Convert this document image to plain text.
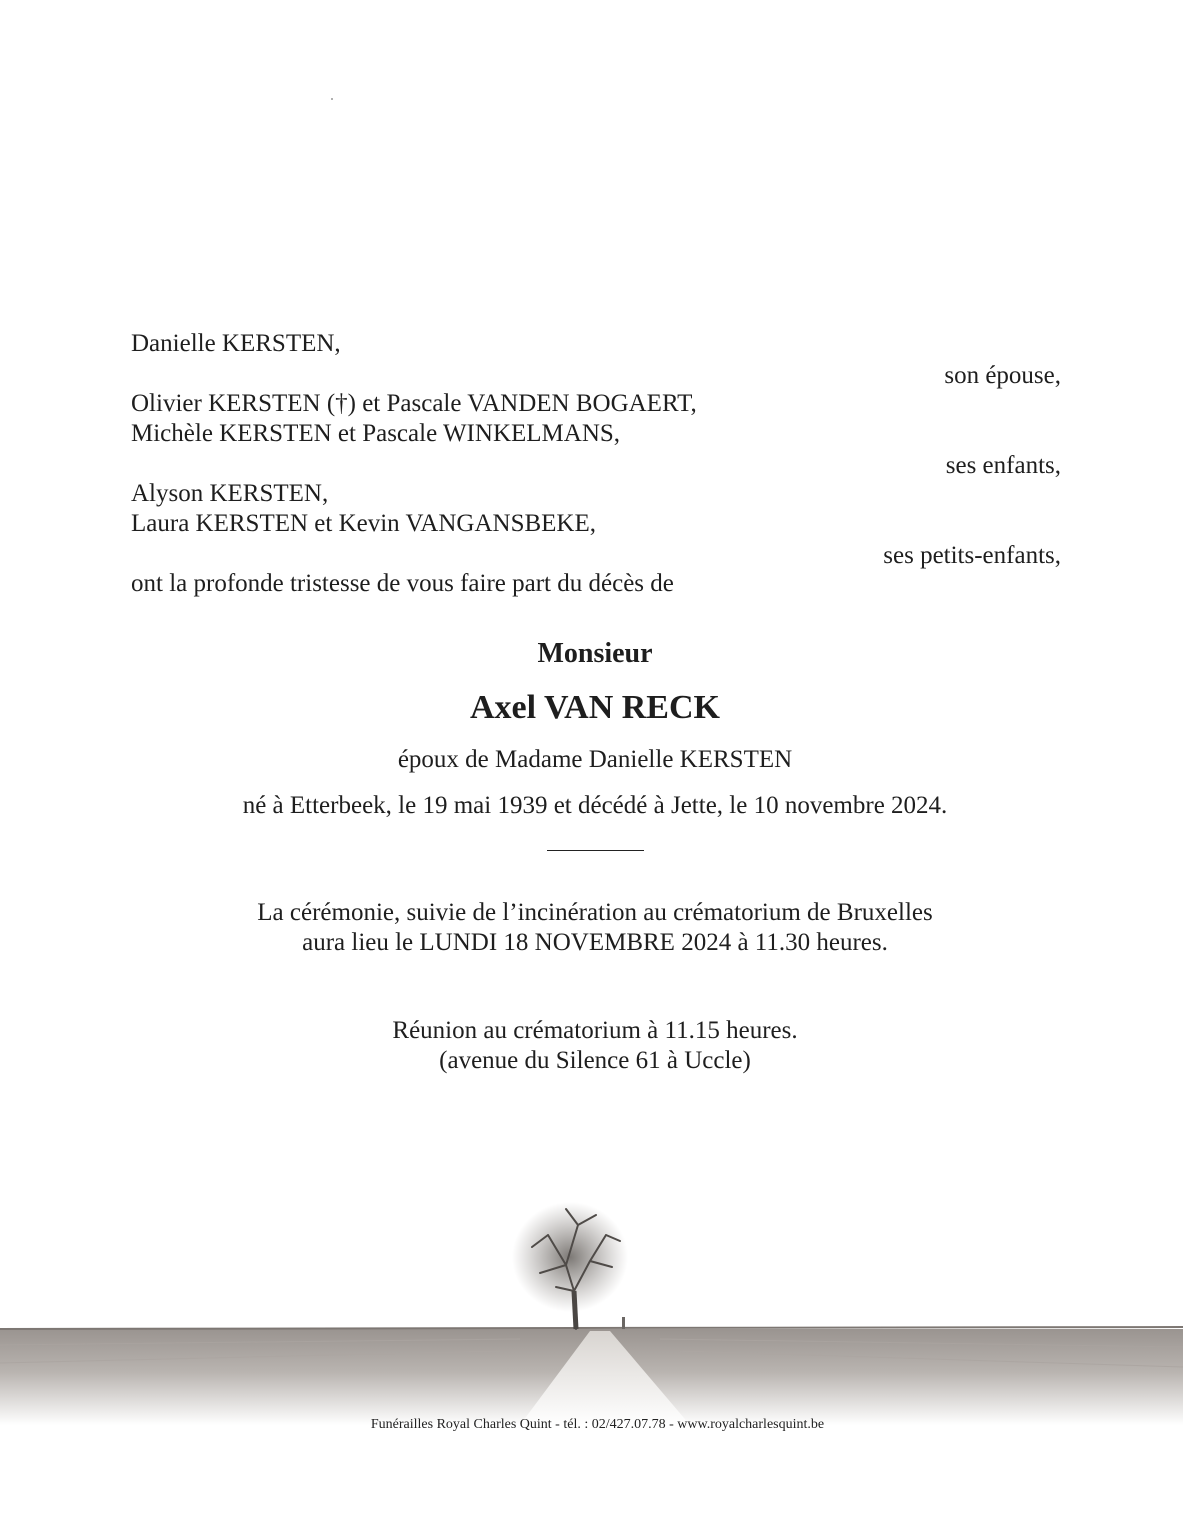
Danielle KERSTEN,
son épouse,
Olivier KERSTEN (†) et Pascale VANDEN BOGAERT,
Michèle KERSTEN et Pascale WINKELMANS,
ses enfants,
Alyson KERSTEN,
Laura KERSTEN et Kevin VANGANSBEKE,
ses petits-enfants,
ont la profonde tristesse de vous faire part du décès de
Monsieur
Axel VAN RECK
époux de Madame Danielle KERSTEN
né à Etterbeek, le 19 mai 1939 et décédé à Jette, le 10 novembre 2024.
La cérémonie, suivie de l’incinération au crématorium de Bruxelles
aura lieu le LUNDI 18 NOVEMBRE 2024 à 11.30 heures.
Réunion au crématorium à 11.15 heures.
(avenue du Silence 61 à Uccle)
Funérailles Royal Charles Quint - tél. : 02/427.07.78 - www.royalcharlesquint.be
